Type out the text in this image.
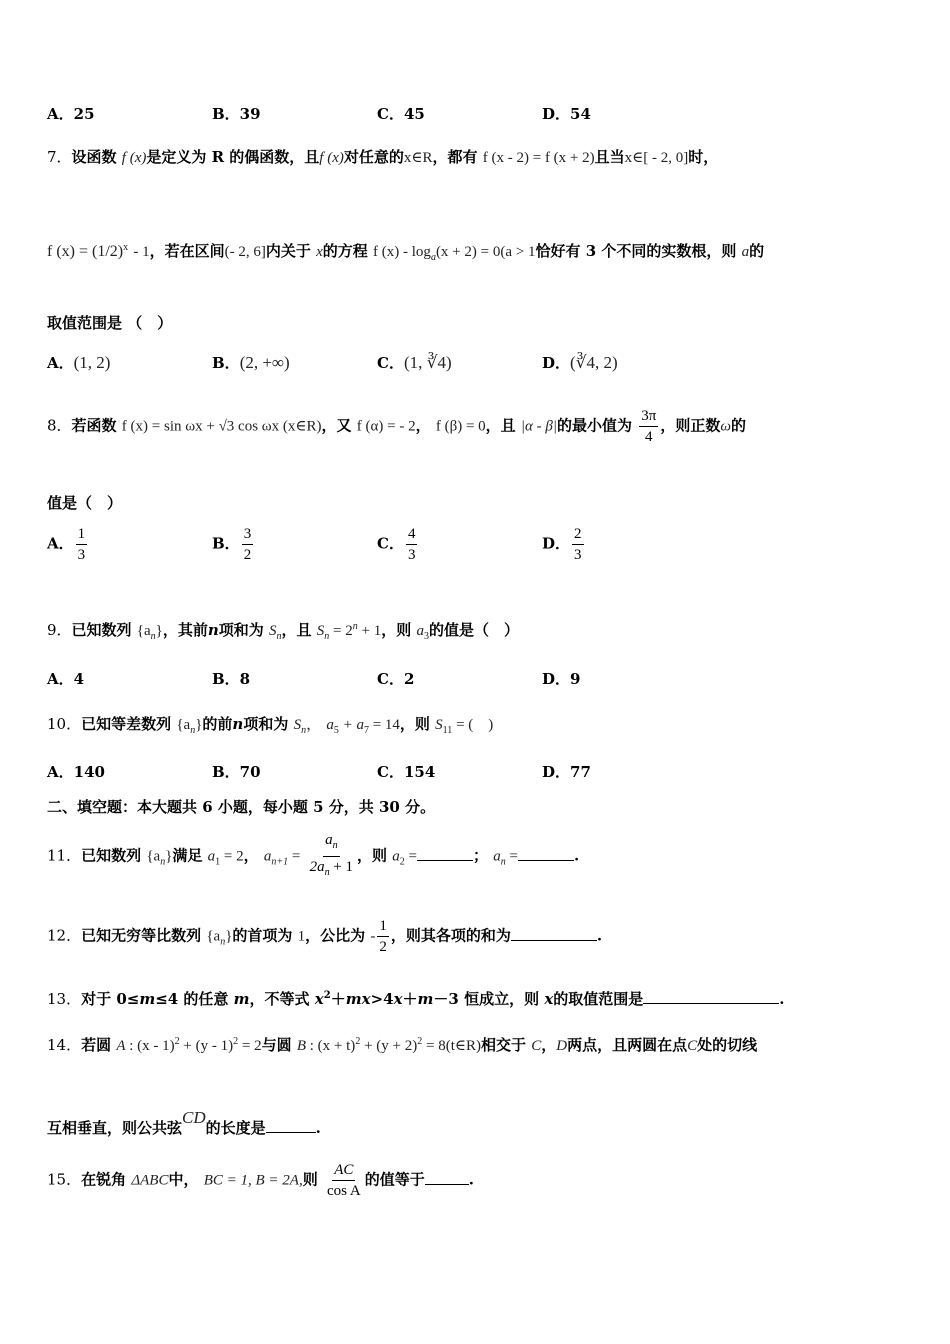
A．25	B．39	C．45	D．54
7．设函数 f (x)是定义为 R 的偶函数，且f (x)对任意的x∈R，都有 f (x - 2) = f (x + 2)且当x∈[ - 2, 0]时，
f $(x) = (1/2)^x - 1$，若在区间(- 2, 6]内关于 x的方程 f $(x) - \log_a(x + 2) = 0(a > 1$恰好有 3 个不同的实数根，则 a的
取值范围是 （　）
A．(1, 2)	B．(2, +∞)	C．(1, ∛4)	D．(∛4, 2)
8．若函数 f (x) = sin ωx + √3 cos ωx (x∈R)，又 f (α) = - 2， f (β) = 0，且 |α - β|的最小值为 $\frac{3\pi}{4}$ ，则正数ω的
值是（　）
A． $\frac{1}{3}$	B． $\frac{3}{2}$	C． $\frac{4}{3}$	D． $\frac{2}{3}$
9．已知数列 $\{a_n\}$，其前n项和为 $S_n$，且 $S_n = 2^n + 1$，则 $a_3$的值是（　）
A．4	B．8	C．2	D．9
10．已知等差数列 $\{a_n\}$的前n项和为 $S_n$， $a_5 + a_7 = 14$，则 $S_{11}$ = (　)
A．140	B．70	C．154	D．77
二、填空题：本大题共 6 小题，每小题 5 分，共 30 分。
11．已知数列 $\{a_n\}$满足 $a_1 = 2$， $a_{n+1} = \frac{a_n}{2a_n + 1}$ ，则 $a_2$ =	； $a_n$ =	.
12．已知无穷等比数列 $\{a_n\}$的首项为 1，公比为 - $\frac{1}{2}$ ，则其各项的和为	.
13．对于 0≤m≤4 的任意 m，不等式 $x^2+mx>4x+m-3$ 恒成立，则 x的取值范围是	.
14．若圆 A : (x - 1)$^2$ + (y - 1)$^2$ = 2与圆 B : $(x + t)^2 + (y + 2)^2$ = 8(t∈R)相交于 C，D两点，且两圆在点C处的切线
互相垂直，则公共弦CD的长度是	.
15．在锐角 ΔABC中， BC = 1, B = 2A,则 $\frac{AC}{\text{cos A}}$ 的值等于	.
